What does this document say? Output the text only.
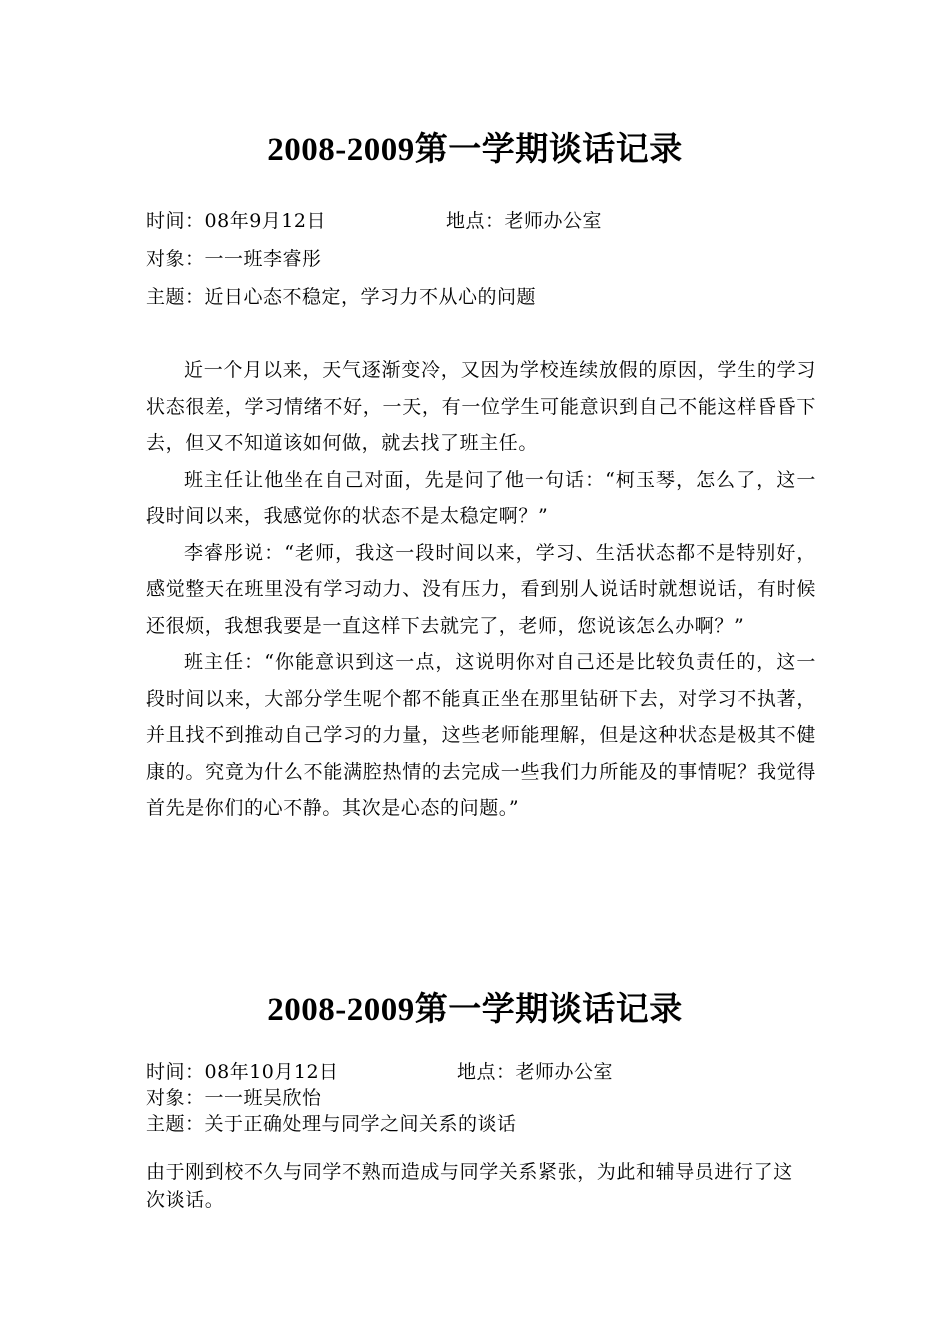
2008-2009第一学期谈话记录
时间：08年9月12日	地点：老师办公室
对象：一一班李睿彤
主题：近日心态不稳定，学习力不从心的问题

近一个月以来，天气逐渐变冷，又因为学校连续放假的原因，学生的学习状态很差，学习情绪不好，一天，有一位学生可能意识到自己不能这样昏昏下去，但又不知道该如何做，就去找了班主任。

班主任让他坐在自己对面，先是问了他一句话：“柯玉琴，怎么了，这一段时间以来，我感觉你的状态不是太稳定啊？”

李睿彤说：“老师，我这一段时间以来，学习、生活状态都不是特别好，感觉整天在班里没有学习动力、没有压力，看到别人说话时就想说话，有时候还很烦，我想我要是一直这样下去就完了，老师，您说该怎么办啊？”

班主任：“你能意识到这一点，这说明你对自己还是比较负责任的，这一段时间以来，大部分学生呢个都不能真正坐在那里钻研下去，对学习不执著，并且找不到推动自己学习的力量，这些老师能理解，但是这种状态是极其不健康的。究竟为什么不能满腔热情的去完成一些我们力所能及的事情呢？我觉得首先是你们的心不静。其次是心态的问题。”

2008-2009第一学期谈话记录
时间：08年10月12日	地点：老师办公室
对象：一一班吴欣怡
主题：关于正确处理与同学之间关系的谈话

由于刚到校不久与同学不熟而造成与同学关系紧张，为此和辅导员进行了这次谈话。
